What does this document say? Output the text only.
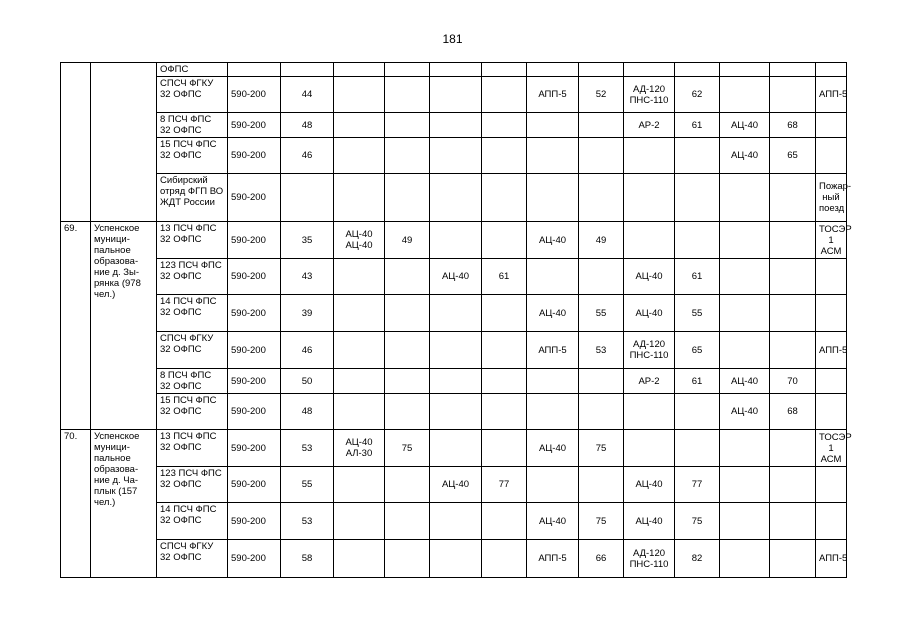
181
		ОФПС													
		СПСЧ ФГКУ 32 ОФПС	590-200	44					АПП-5	52	АД-120 ПНС-110	62			АПП-5
		8 ПСЧ ФПС 32 ОФПС	590-200	48							АР-2	61	АЦ-40	68	
		15 ПСЧ ФПС 32 ОФПС	590-200	46									АЦ-40	65	
		Сибирский отряд ФГП ВО ЖДТ России	590-200												Пожар-ный поезд
69.	Успенское муници-пальное образова-ние д. Зы-рянка (978 чел.)	13 ПСЧ ФПС 32 ОФПС	590-200	35	АЦ-40 АЦ-40	49			АЦ-40	49					ТОСЭР 1 АСМ
		123 ПСЧ ФПС 32 ОФПС	590-200	43			АЦ-40	61			АЦ-40	61			
		14 ПСЧ ФПС 32 ОФПС	590-200	39					АЦ-40	55	АЦ-40	55			
		СПСЧ ФГКУ 32 ОФПС	590-200	46					АПП-5	53	АД-120 ПНС-110	65			АПП-5
		8 ПСЧ ФПС 32 ОФПС	590-200	50							АР-2	61	АЦ-40	70	
		15 ПСЧ ФПС 32 ОФПС	590-200	48									АЦ-40	68	
70.	Успенское муници-пальное образова-ние д. Ча-плык (157 чел.)	13 ПСЧ ФПС 32 ОФПС	590-200	53	АЦ-40 АЛ-30	75			АЦ-40	75					ТОСЭР 1 АСМ
		123 ПСЧ ФПС 32 ОФПС	590-200	55			АЦ-40	77			АЦ-40	77			
		14 ПСЧ ФПС 32 ОФПС	590-200	53					АЦ-40	75	АЦ-40	75			
		СПСЧ ФГКУ 32 ОФПС	590-200	58					АПП-5	66	АД-120 ПНС-110	82			АПП-5
